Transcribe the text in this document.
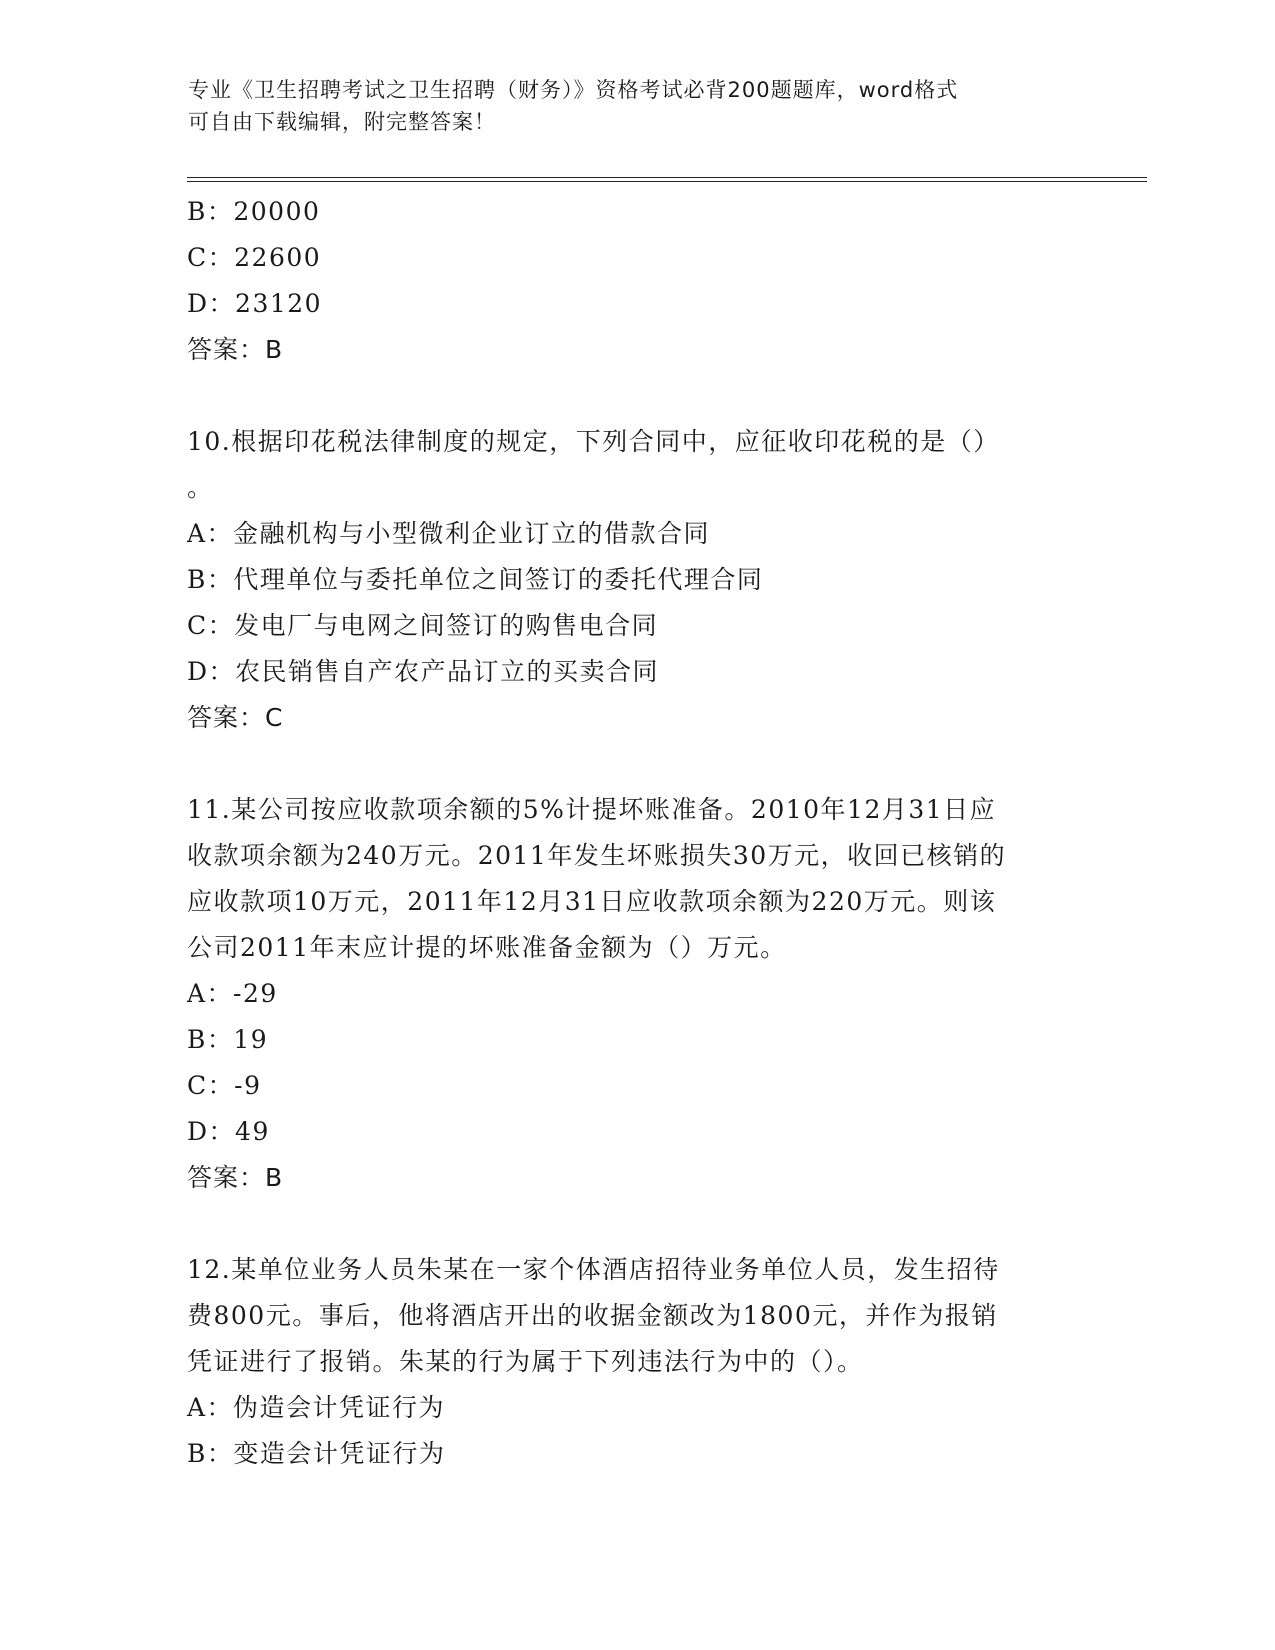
专业《卫生招聘考试之卫生招聘（财务）》资格考试必背200题题库，word格式
可自由下载编辑，附完整答案！
B：20000
C：22600
D：23120
答案：B
10.根据印花税法律制度的规定，下列合同中，应征收印花税的是（）
。
A：金融机构与小型微利企业订立的借款合同
B：代理单位与委托单位之间签订的委托代理合同
C：发电厂与电网之间签订的购售电合同
D：农民销售自产农产品订立的买卖合同
答案：C
11.某公司按应收款项余额的5%计提坏账准备。2010年12月31日应
收款项余额为240万元。2011年发生坏账损失30万元，收回已核销的
应收款项10万元，2011年12月31日应收款项余额为220万元。则该
公司2011年末应计提的坏账准备金额为（）万元。
A：-29
B：19
C：-9
D：49
答案：B
12.某单位业务人员朱某在一家个体酒店招待业务单位人员，发生招待
费800元。事后，他将酒店开出的收据金额改为1800元，并作为报销
凭证进行了报销。朱某的行为属于下列违法行为中的（）。
A：伪造会计凭证行为
B：变造会计凭证行为
